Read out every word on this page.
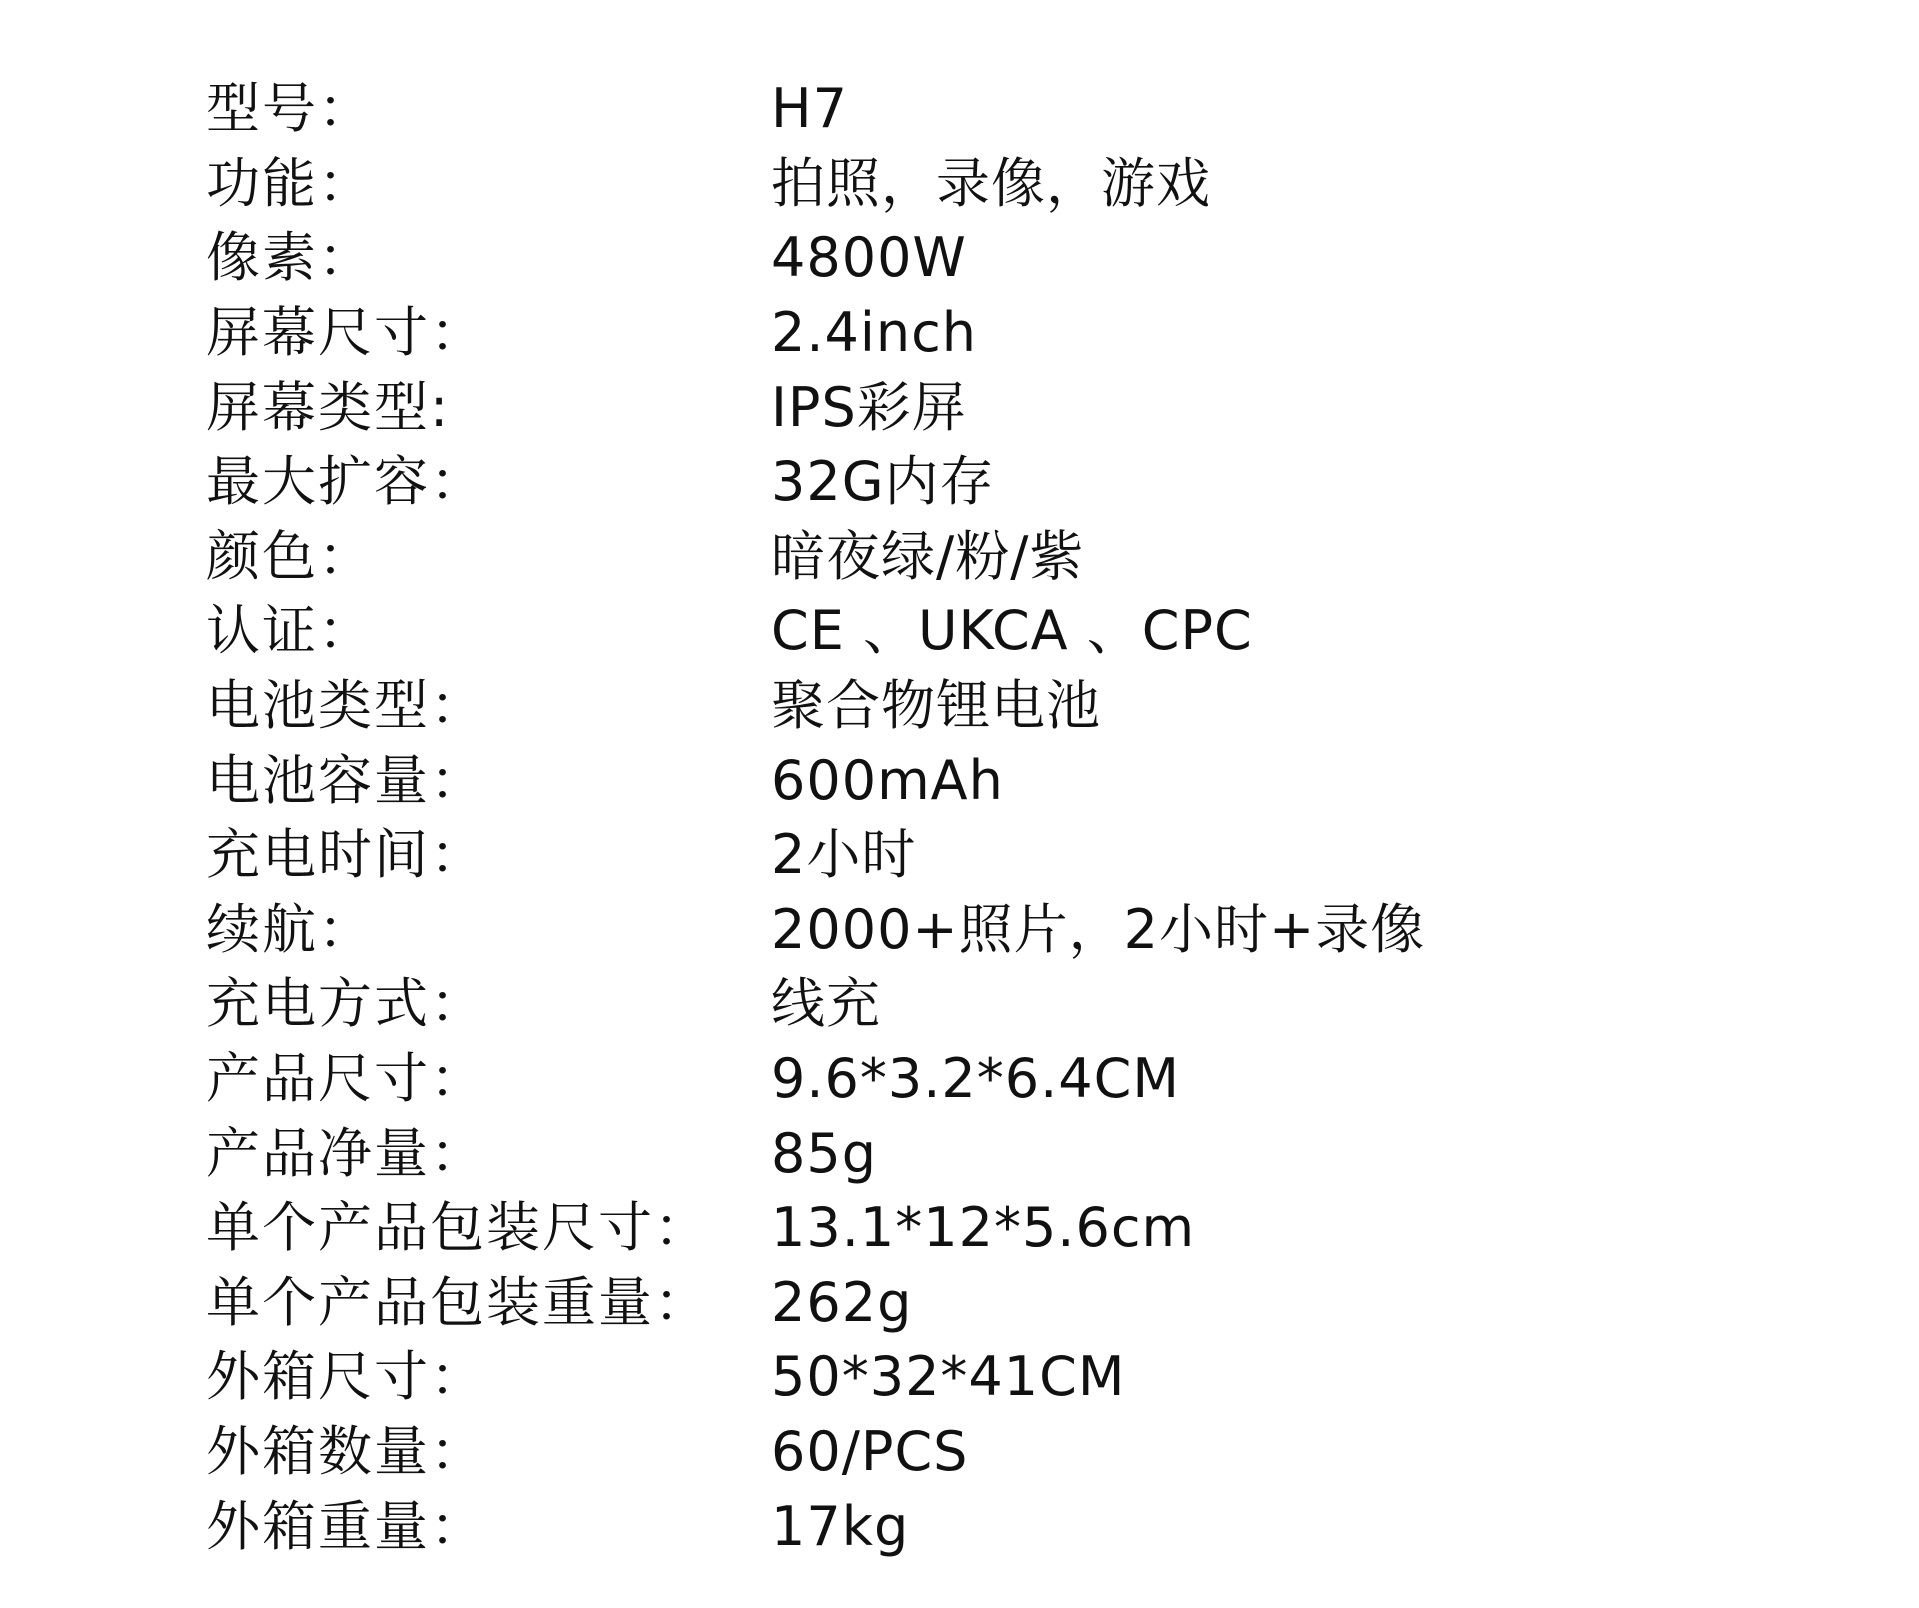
型号：	H7
功能：	拍照，录像，游戏
像素：	4800W
屏幕尺寸：	2.4inch
屏幕类型:	IPS彩屏
最大扩容：	32G内存
颜色：	暗夜绿/粉/紫
认证：	CE 、UKCA 、CPC
电池类型：	聚合物锂电池
电池容量：	600mAh
充电时间：	2小时
续航：	2000+照片，2小时+录像
充电方式：	线充
产品尺寸：	9.6*3.2*6.4CM
产品净量：	85g
单个产品包装尺寸：	13.1*12*5.6cm
单个产品包装重量：	262g
外箱尺寸：	50*32*41CM
外箱数量：	60/PCS
外箱重量：	17kg
